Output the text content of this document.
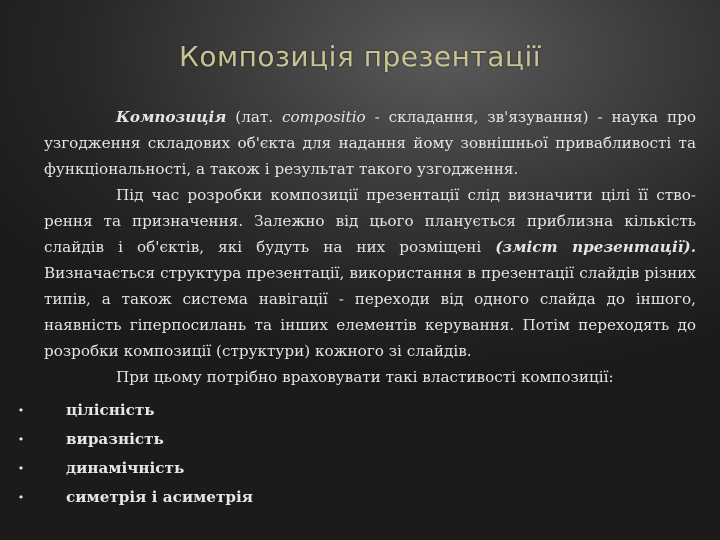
Композиція презентації

Композиція (лат. compositio - складання, зв'язування) - наука про узгодження складових об'єкта для надання йому зовнішньої привабливості та функціональності, а також і результат такого узгодження.

Під час розробки композиції презентації слід визначити цілі її ство-рення та призначення. Залежно від цього планується приблизна кількість слайдів і об'єктів, які будуть на них розміщені (зміст презентації). Визначається структура презентації, використання в презентації слайдів різних типів, а також система навігації - переходи від одного слайда до іншого, наявність гіперпосилань та інших елементів керування. Потім переходять до розробки композиції (структури) кожного зі слайдів.

При цьому потрібно враховувати такі властивості композиції:

•	цілісність
•	виразність
•	динамічність
•	симетрія і асиметрія
